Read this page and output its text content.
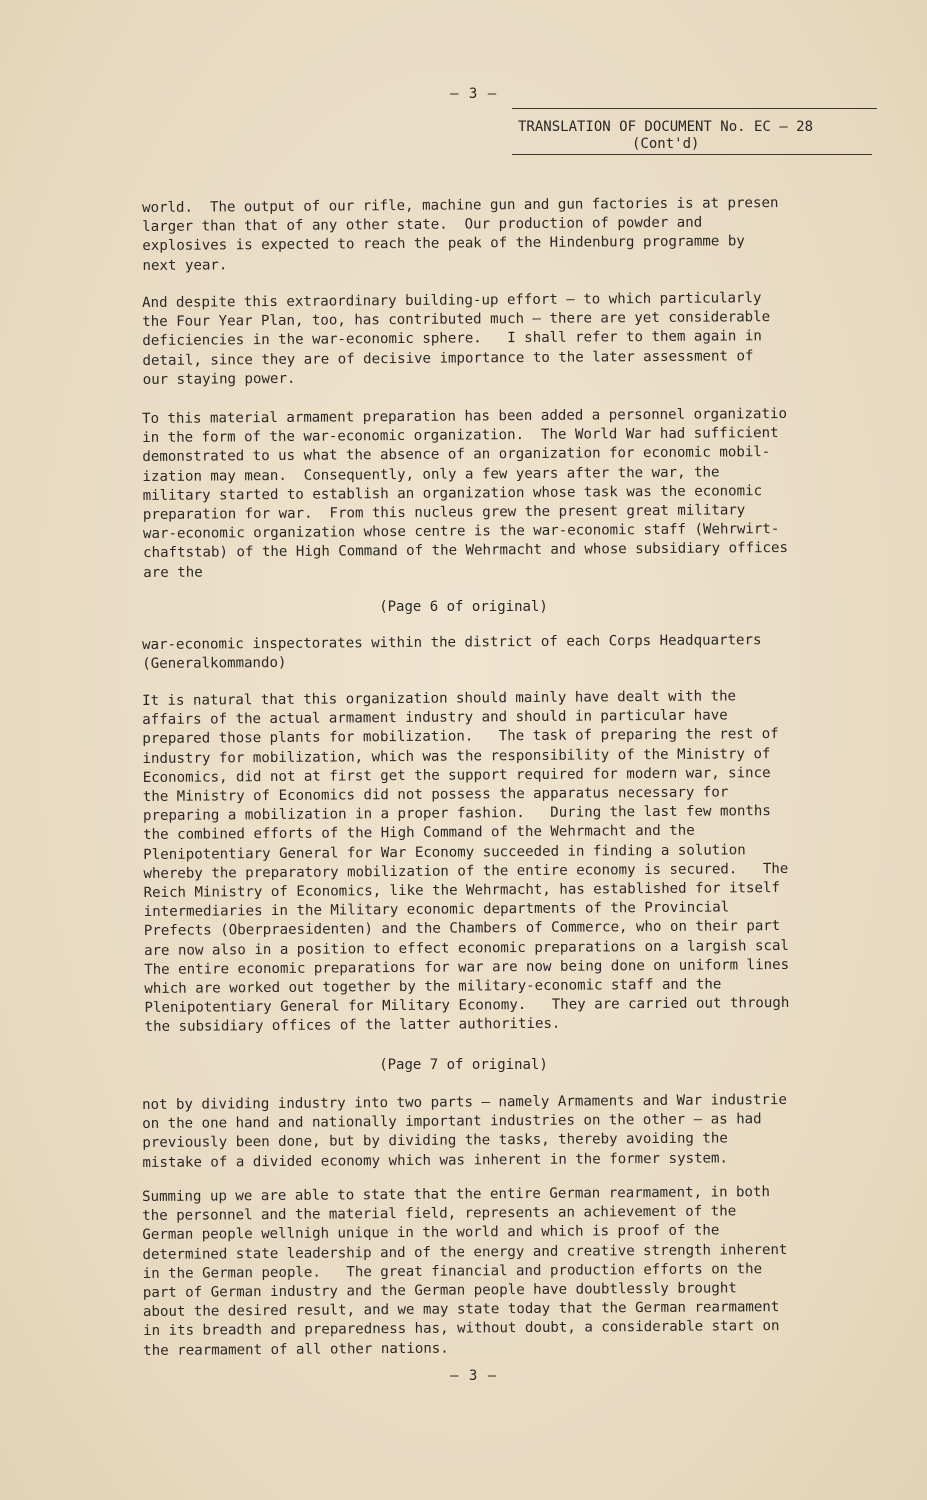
– 3 –
TRANSLATION OF DOCUMENT No. EC – 28
(Cont'd)

world.  The output of our rifle, machine gun and gun factories is at presen
larger than that of any other state.  Our production of powder and
explosives is expected to reach the peak of the Hindenburg programme by
next year.

And despite this extraordinary building-up effort – to which particularly
the Four Year Plan, too, has contributed much – there are yet considerable
deficiencies in the war-economic sphere.   I shall refer to them again in
detail, since they are of decisive importance to the later assessment of
our staying power.

To this material armament preparation has been added a personnel organizatio
in the form of the war-economic organization.  The World War had sufficient
demonstrated to us what the absence of an organization for economic mobil-
ization may mean.  Consequently, only a few years after the war, the
military started to establish an organization whose task was the economic
preparation for war.  From this nucleus grew the present great military
war-economic organization whose centre is the war-economic staff (Wehrwirt-
chaftstab) of the High Command of the Wehrmacht and whose subsidiary offices
are the

(Page 6 of original)

war-economic inspectorates within the district of each Corps Headquarters
(Generalkommando)

It is natural that this organization should mainly have dealt with the
affairs of the actual armament industry and should in particular have
prepared those plants for mobilization.   The task of preparing the rest of
industry for mobilization, which was the responsibility of the Ministry of
Economics, did not at first get the support required for modern war, since
the Ministry of Economics did not possess the apparatus necessary for
preparing a mobilization in a proper fashion.   During the last few months
the combined efforts of the High Command of the Wehrmacht and the
Plenipotentiary General for War Economy succeeded in finding a solution
whereby the preparatory mobilization of the entire economy is secured.   The
Reich Ministry of Economics, like the Wehrmacht, has established for itself
intermediaries in the Military economic departments of the Provincial
Prefects (Oberpraesidenten) and the Chambers of Commerce, who on their part
are now also in a position to effect economic preparations on a largish scal
The entire economic preparations for war are now being done on uniform lines
which are worked out together by the military-economic staff and the
Plenipotentiary General for Military Economy.   They are carried out through
the subsidiary offices of the latter authorities.

(Page 7 of original)

not by dividing industry into two parts – namely Armaments and War industrie
on the one hand and nationally important industries on the other – as had
previously been done, but by dividing the tasks, thereby avoiding the
mistake of a divided economy which was inherent in the former system.

Summing up we are able to state that the entire German rearmament, in both
the personnel and the material field, represents an achievement of the
German people wellnigh unique in the world and which is proof of the
determined state leadership and of the energy and creative strength inherent
in the German people.   The great financial and production efforts on the
part of German industry and the German people have doubtlessly brought
about the desired result, and we may state today that the German rearmament
in its breadth and preparedness has, without doubt, a considerable start on
the rearmament of all other nations.

– 3 –
